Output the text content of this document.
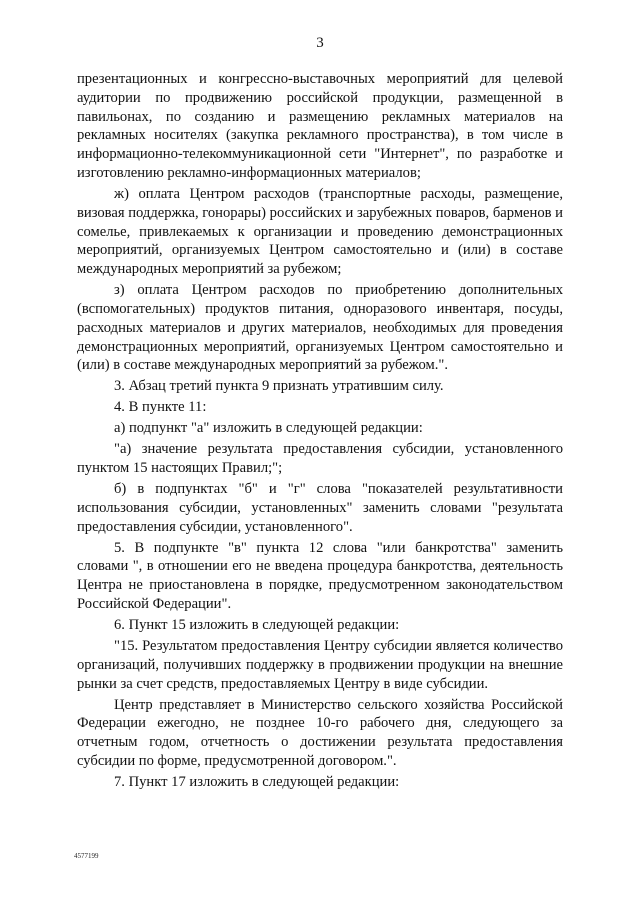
3

презентационных и конгрессно-выставочных мероприятий для целевой аудитории по продвижению российской продукции, размещенной в павильонах, по созданию и размещению рекламных материалов на рекламных носителях (закупка рекламного пространства), в том числе в информационно-телекоммуникационной сети "Интернет", по разработке и изготовлению рекламно-информационных материалов;

ж) оплата Центром расходов (транспортные расходы, размещение, визовая поддержка, гонорары) российских и зарубежных поваров, барменов и сомелье, привлекаемых к организации и проведению демонстрационных мероприятий, организуемых Центром самостоятельно и (или) в составе международных мероприятий за рубежом;

з) оплата Центром расходов по приобретению дополнительных (вспомогательных) продуктов питания, одноразового инвентаря, посуды, расходных материалов и других материалов, необходимых для проведения демонстрационных мероприятий, организуемых Центром самостоятельно и (или) в составе международных мероприятий за рубежом.".

3. Абзац третий пункта 9 признать утратившим силу.

4. В пункте 11:

а) подпункт "а" изложить в следующей редакции:

"а) значение результата предоставления субсидии, установленного пунктом 15 настоящих Правил;";

б) в подпунктах "б" и "г" слова "показателей результативности использования субсидии, установленных" заменить словами "результата предоставления субсидии, установленного".

5. В подпункте "в" пункта 12 слова "или банкротства" заменить словами ", в отношении его не введена процедура банкротства, деятельность Центра не приостановлена в порядке, предусмотренном законодательством Российской Федерации".

6. Пункт 15 изложить в следующей редакции:

"15. Результатом предоставления Центру субсидии является количество организаций, получивших поддержку в продвижении продукции на внешние рынки за счет средств, предоставляемых Центру в виде субсидии.

Центр представляет в Министерство сельского хозяйства Российской Федерации ежегодно, не позднее 10-го рабочего дня, следующего за отчетным годом, отчетность о достижении результата предоставления субсидии по форме, предусмотренной договором.".

7. Пункт 17 изложить в следующей редакции:

4577199
